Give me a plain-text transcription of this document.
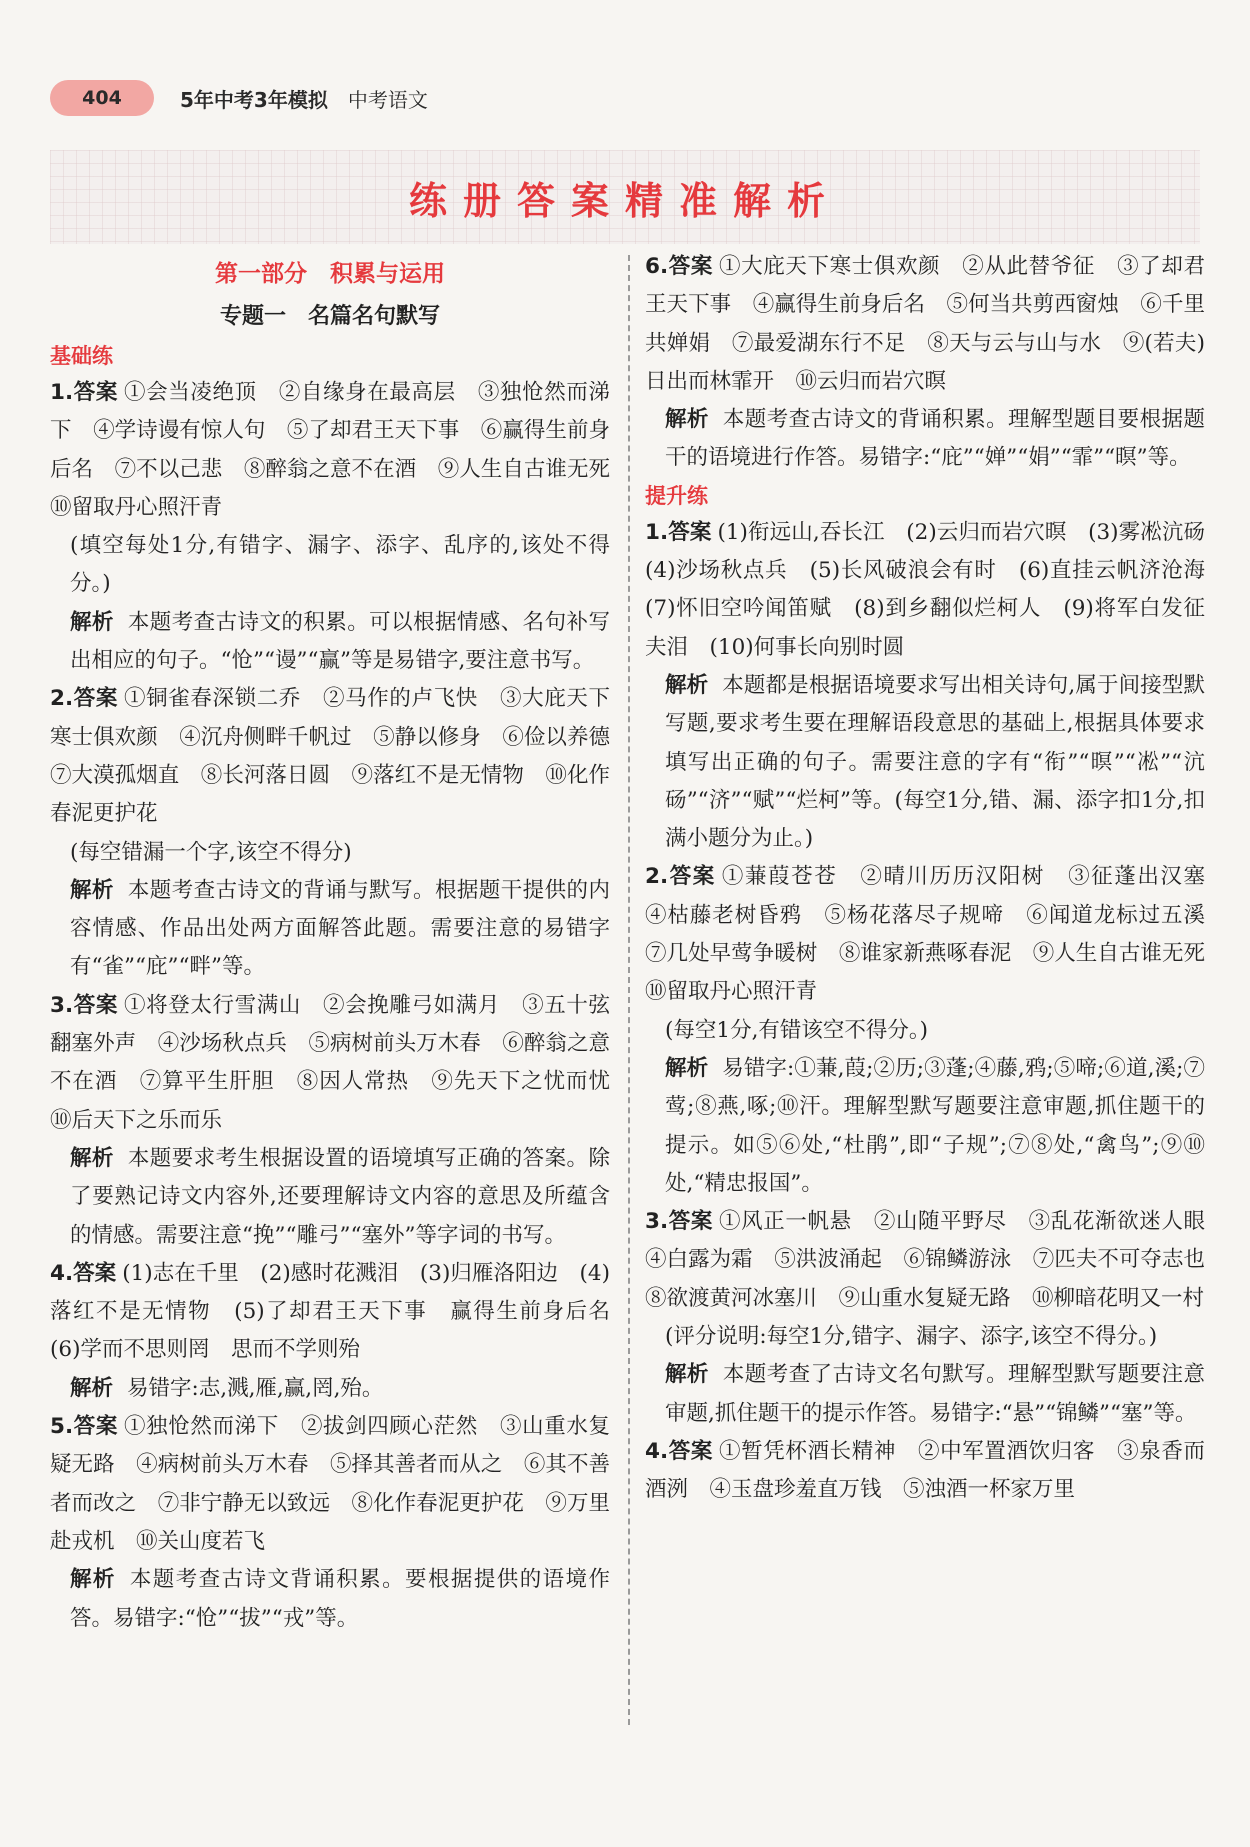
404	5年中考3年模拟 中考语文
练册答案精准解析
第一部分　积累与运用
专题一　名篇名句默写
基础练
1.答案 ①会当凌绝顶　②自缘身在最高层　③独怆然而涕下　④学诗谩有惊人句　⑤了却君王天下事　⑥赢得生前身后名　⑦不以己悲　⑧醉翁之意不在酒　⑨人生自古谁无死　⑩留取丹心照汗青
(填空每处1分,有错字、漏字、添字、乱序的,该处不得分。)
解析 本题考查古诗文的积累。可以根据情感、名句补写出相应的句子。“怆”“谩”“赢”等是易错字,要注意书写。
2.答案 ①铜雀春深锁二乔　②马作的卢飞快　③大庇天下寒士俱欢颜　④沉舟侧畔千帆过　⑤静以修身　⑥俭以养德　⑦大漠孤烟直　⑧长河落日圆　⑨落红不是无情物　⑩化作春泥更护花
(每空错漏一个字,该空不得分)
解析 本题考查古诗文的背诵与默写。根据题干提供的内容情感、作品出处两方面解答此题。需要注意的易错字有“雀”“庇”“畔”等。
3.答案 ①将登太行雪满山　②会挽雕弓如满月　③五十弦翻塞外声　④沙场秋点兵　⑤病树前头万木春　⑥醉翁之意不在酒　⑦算平生肝胆　⑧因人常热　⑨先天下之忧而忧　⑩后天下之乐而乐
解析 本题要求考生根据设置的语境填写正确的答案。除了要熟记诗文内容外,还要理解诗文内容的意思及所蕴含的情感。需要注意“挽”“雕弓”“塞外”等字词的书写。
4.答案 (1)志在千里　(2)感时花溅泪　(3)归雁洛阳边　(4)落红不是无情物　(5)了却君王天下事　赢得生前身后名　(6)学而不思则罔　思而不学则殆
解析 易错字:志,溅,雁,赢,罔,殆。
5.答案 ①独怆然而涕下　②拔剑四顾心茫然　③山重水复疑无路　④病树前头万木春　⑤择其善者而从之　⑥其不善者而改之　⑦非宁静无以致远　⑧化作春泥更护花　⑨万里赴戎机　⑩关山度若飞
解析 本题考查古诗文背诵积累。要根据提供的语境作答。易错字:“怆”“拔”“戎”等。
6.答案 ①大庇天下寒士俱欢颜　②从此替爷征　③了却君王天下事　④赢得生前身后名　⑤何当共剪西窗烛　⑥千里共婵娟　⑦最爱湖东行不足　⑧天与云与山与水　⑨(若夫)日出而林霏开　⑩云归而岩穴暝
解析 本题考查古诗文的背诵积累。理解型题目要根据题干的语境进行作答。易错字:“庇”“婵”“娟”“霏”“暝”等。
提升练
1.答案 (1)衔远山,吞长江　(2)云归而岩穴暝　(3)雾凇沆砀　(4)沙场秋点兵　(5)长风破浪会有时　(6)直挂云帆济沧海　(7)怀旧空吟闻笛赋　(8)到乡翻似烂柯人　(9)将军白发征夫泪　(10)何事长向别时圆
解析 本题都是根据语境要求写出相关诗句,属于间接型默写题,要求考生要在理解语段意思的基础上,根据具体要求填写出正确的句子。需要注意的字有“衔”“暝”“凇”“沆砀”“济”“赋”“烂柯”等。(每空1分,错、漏、添字扣1分,扣满小题分为止。)
2.答案 ①蒹葭苍苍　②晴川历历汉阳树　③征蓬出汉塞　④枯藤老树昏鸦　⑤杨花落尽子规啼　⑥闻道龙标过五溪　⑦几处早莺争暖树　⑧谁家新燕啄春泥　⑨人生自古谁无死　⑩留取丹心照汗青
(每空1分,有错该空不得分。)
解析 易错字:①蒹,葭;②历;③蓬;④藤,鸦;⑤啼;⑥道,溪;⑦莺;⑧燕,啄;⑩汗。理解型默写题要注意审题,抓住题干的提示。如⑤⑥处,“杜鹃”,即“子规”;⑦⑧处,“禽鸟”;⑨⑩处,“精忠报国”。
3.答案 ①风正一帆悬　②山随平野尽　③乱花渐欲迷人眼　④白露为霜　⑤洪波涌起　⑥锦鳞游泳　⑦匹夫不可夺志也　⑧欲渡黄河冰塞川　⑨山重水复疑无路　⑩柳暗花明又一村
(评分说明:每空1分,错字、漏字、添字,该空不得分。)
解析 本题考查了古诗文名句默写。理解型默写题要注意审题,抓住题干的提示作答。易错字:“悬”“锦鳞”“塞”等。
4.答案 ①暂凭杯酒长精神　②中军置酒饮归客　③泉香而酒洌　④玉盘珍羞直万钱　⑤浊酒一杯家万里
